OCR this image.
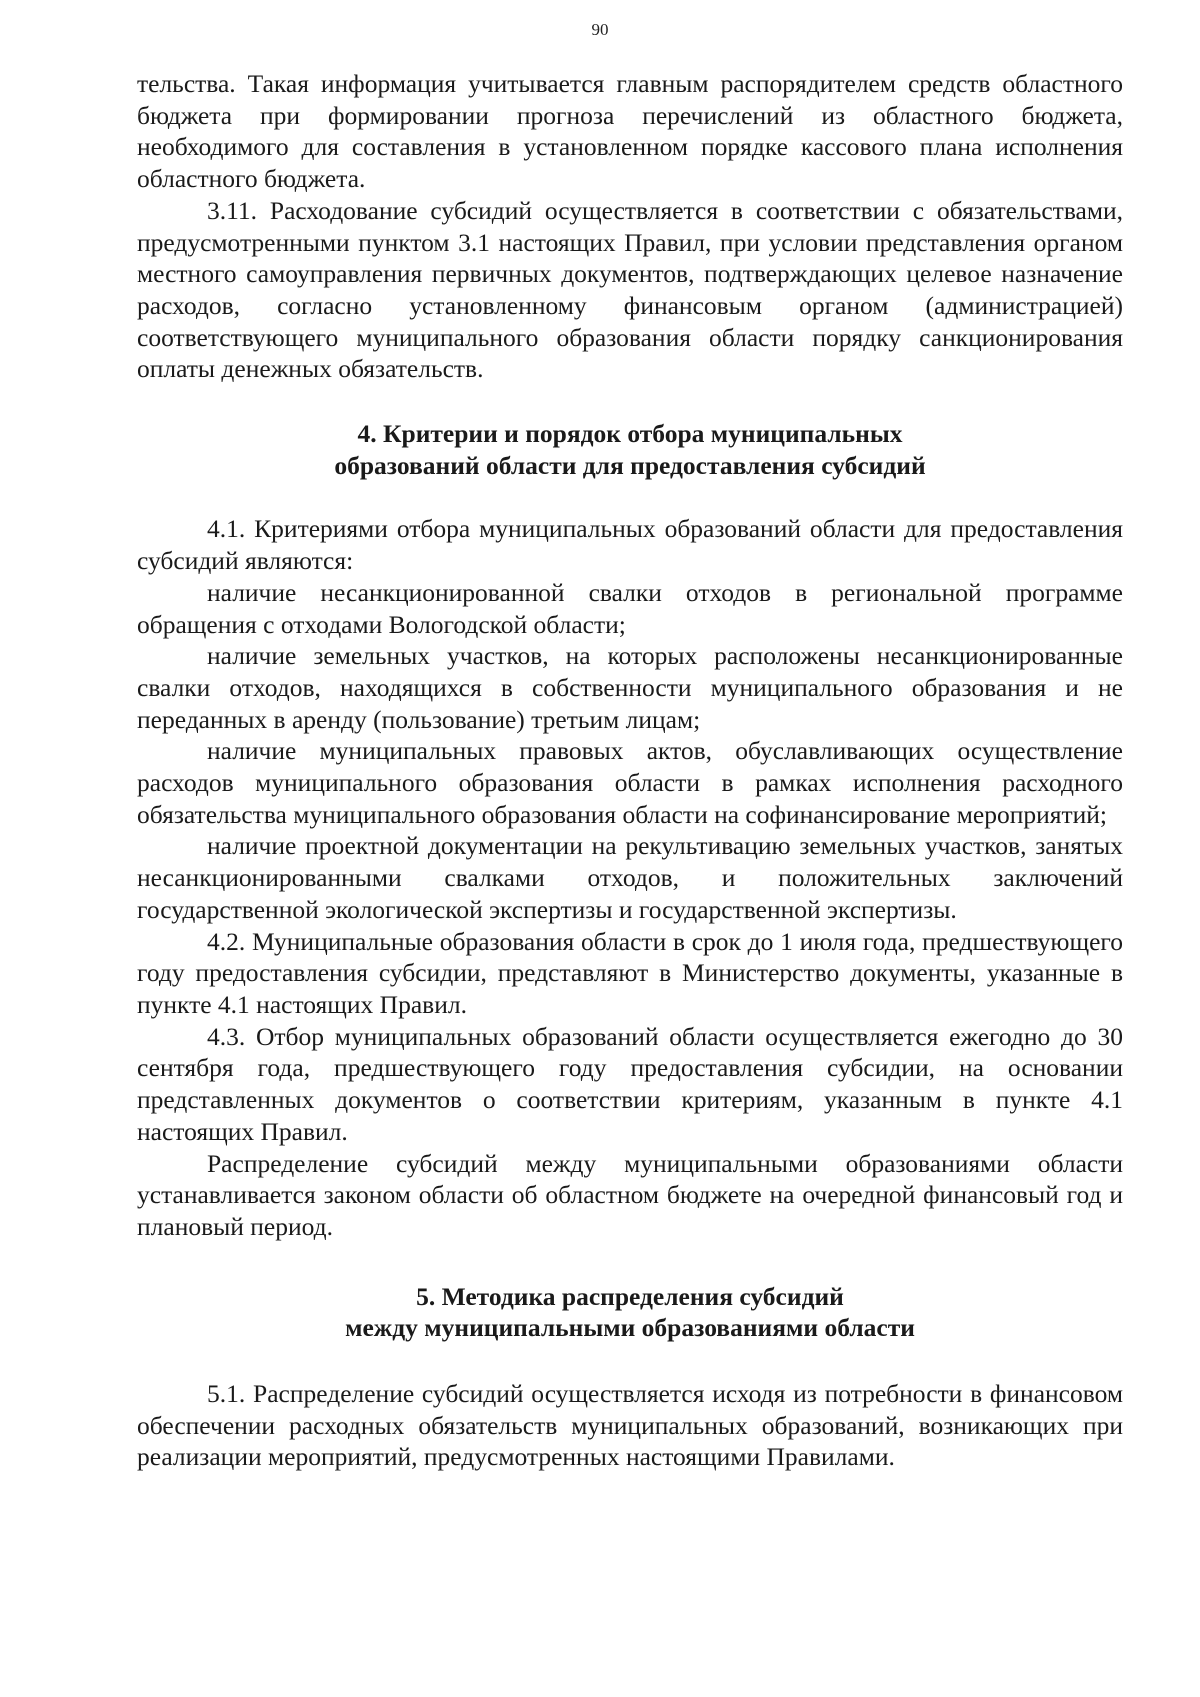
90

тельства. Такая информация учитывается главным распорядителем средств областного бюджета при формировании прогноза перечислений из областного бюджета, необходимого для составления в установленном порядке кассового плана исполнения областного бюджета.

3.11. Расходование субсидий осуществляется в соответствии с обязательствами, предусмотренными пунктом 3.1 настоящих Правил, при условии представления органом местного самоуправления первичных документов, подтверждающих целевое назначение расходов, согласно установленному финансовым органом (администрацией) соответствующего муниципального образования области порядку санкционирования оплаты денежных обязательств.

4. Критерии и порядок отбора муниципальных
образований области для предоставления субсидий

4.1. Критериями отбора муниципальных образований области для предоставления субсидий являются:

наличие несанкционированной свалки отходов в региональной программе обращения с отходами Вологодской области;

наличие земельных участков, на которых расположены несанкционированные свалки отходов, находящихся в собственности муниципального образования и не переданных в аренду (пользование) третьим лицам;

наличие муниципальных правовых актов, обуславливающих осуществление расходов муниципального образования области в рамках исполнения расходного обязательства муниципального образования области на софинансирование мероприятий;

наличие проектной документации на рекультивацию земельных участков, занятых несанкционированными свалками отходов, и положительных заключений государственной экологической экспертизы и государственной экспертизы.

4.2. Муниципальные образования области в срок до 1 июля года, предшествующего году предоставления субсидии, представляют в Министерство документы, указанные в пункте 4.1 настоящих Правил.

4.3. Отбор муниципальных образований области осуществляется ежегодно до 30 сентября года, предшествующего году предоставления субсидии, на основании представленных документов о соответствии критериям, указанным в пункте 4.1 настоящих Правил.

Распределение субсидий между муниципальными образованиями области устанавливается законом области об областном бюджете на очередной финансовый год и плановый период.

5. Методика распределения субсидий
между муниципальными образованиями области

5.1. Распределение субсидий осуществляется исходя из потребности в финансовом обеспечении расходных обязательств муниципальных образований, возникающих при реализации мероприятий, предусмотренных настоящими Правилами.
